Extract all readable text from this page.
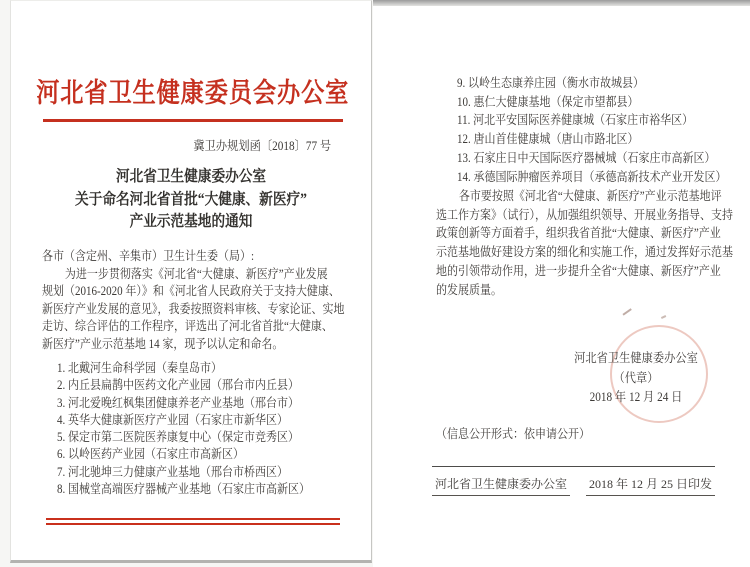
河北省卫生健康委员会办公室
冀卫办规划函〔2018〕77 号
河北省卫生健康委办公室
关于命名河北省首批“大健康、新医疗”
产业示范基地的通知
各市（含定州、辛集市）卫生计生委（局）:
为进一步贯彻落实《河北省“大健康、新医疗”产业发展
规划（2016-2020 年）》和《河北省人民政府关于支持大健康、
新医疗产业发展的意见》，我委按照资料审核、专家论证、实地
走访、综合评估的工作程序，评选出了河北省首批“大健康、
新医疗”产业示范基地 14 家，现予以认定和命名。
1. 北戴河生命科学园（秦皇岛市）
2. 内丘县扁鹊中医药文化产业园（邢台市内丘县）
3. 河北爱晚红枫集团健康养老产业基地（邢台市）
4. 英华大健康新医疗产业园（石家庄市新华区）
5. 保定市第二医院医养康复中心（保定市竞秀区）
6. 以岭医药产业园（石家庄市高新区）
7. 河北驰坤三力健康产业基地（邢台市桥西区）
8. 国械堂高端医疗器械产业基地（石家庄市高新区）
9. 以岭生态康养庄园（衡水市故城县）
10. 惠仁大健康基地（保定市望都县）
11. 河北平安国际医养健康城（石家庄市裕华区）
12. 唐山首佳健康城（唐山市路北区）
13. 石家庄日中天国际医疗器械城（石家庄市高新区）
14. 承德国际肿瘤医养项目（承德高新技术产业开发区）
各市要按照《河北省“大健康、新医疗”产业示范基地评
选工作方案》（试行），从加强组织领导、开展业务指导、支持
政策创新等方面着手，组织我省首批“大健康、新医疗”产业
示范基地做好建设方案的细化和实施工作，通过发挥好示范基
地的引领带动作用，进一步提升全省“大健康、新医疗”产业
的发展质量。
河北省卫生健康委办公室
（代章）
2018 年 12 月 24 日
（信息公开形式：依申请公开）
河北省卫生健康委办公室 2018 年 12 月 25 日印发
